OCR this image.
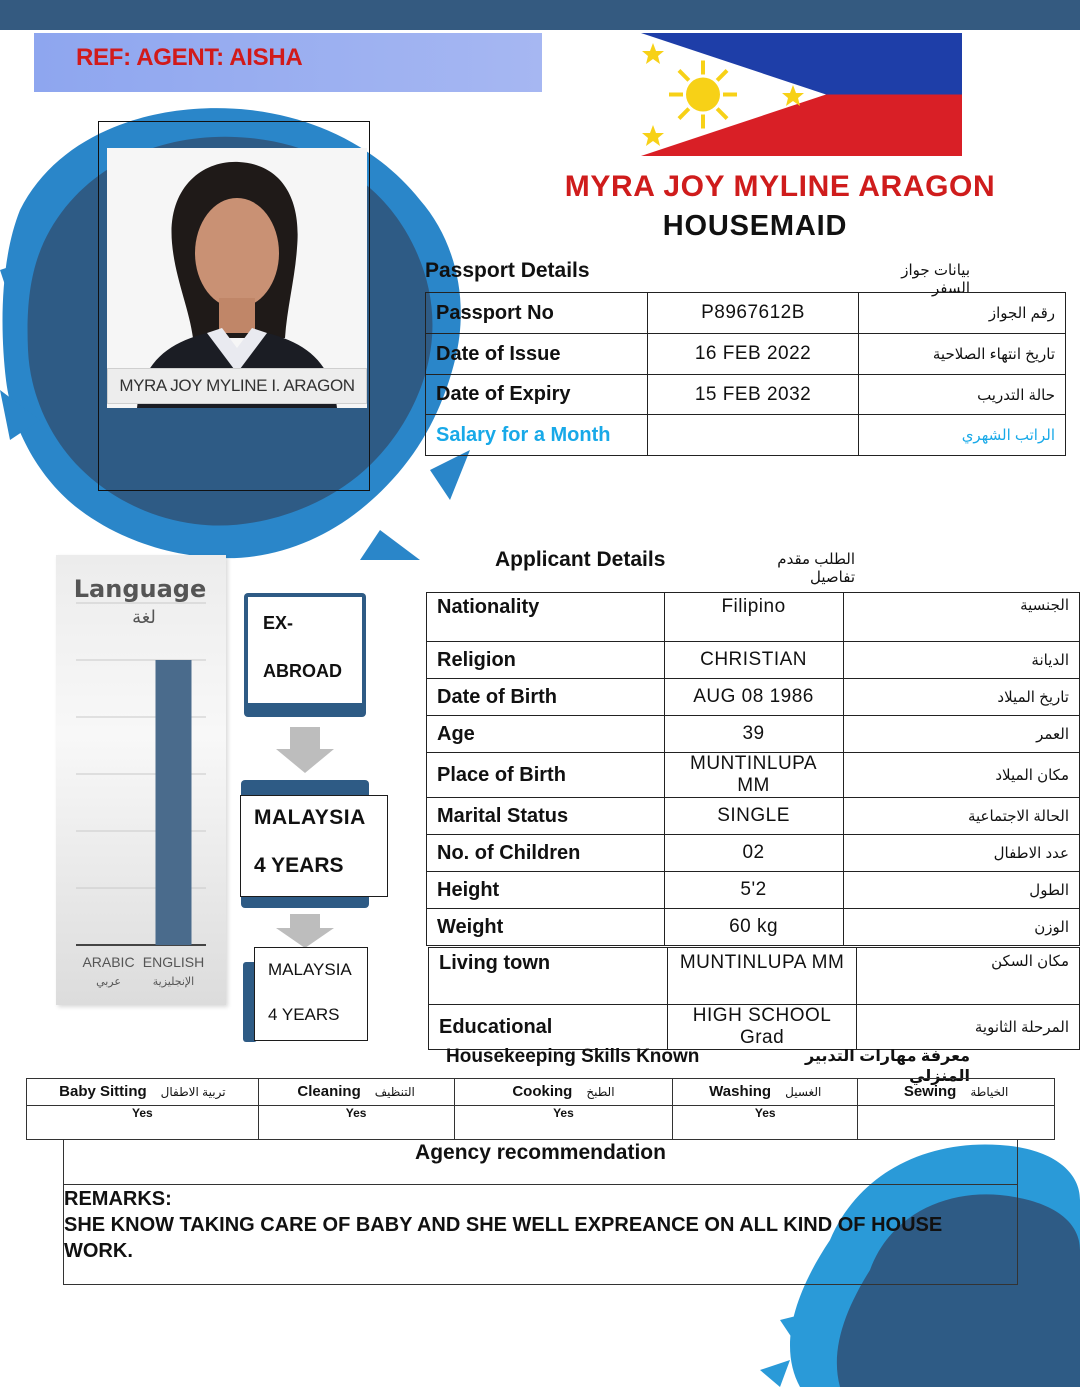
REF: AGENT: AISHA
MYRA JOY MYLINE I. ARAGON
MYRA JOY MYLINE ARAGON
HOUSEMAID
Passport Details	بيانات جواز السفر
Passport No	P8967612B	رقم الجواز
Date of Issue	16 FEB 2022	تاريخ انتهاء الصلاحية
Date of Expiry	15 FEB 2032	حالة التدريب
Salary for a Month		الراتب الشهري
Applicant Details	الطلب مقدم تفاصيل
Nationality	Filipino	الجنسية
Religion	CHRISTIAN	الديانة
Date of Birth	AUG 08 1986	تاريخ الميلاد
Age	39	العمر
Place of Birth	MUNTINLUPA MM	مكان الميلاد
Marital Status	SINGLE	الحالة الاجتماعية
No. of Children	02	عدد الاطفال
Height	5'2	الطول
Weight	60 kg	الوزن
Living town	MUNTINLUPA MM	مكان السكن
Educational	HIGH SCHOOL Grad	المرحلة الثانوية
Language
لغة
ARABIC
عربي
ENGLISH
الإنجليزية
EX-
ABROAD
MALAYSIA
4 YEARS
MALAYSIA
4 YEARS
Housekeeping Skills Known	معرفة مهارات التدبير المنزلي
Baby Sitting تربية الاطفال	Cleaning التنظيف	Cooking الطبخ	Washing الغسيل	Sewing الخياطة
Yes	Yes	Yes	Yes	
Agency recommendation
REMARKS:
SHE KNOW TAKING CARE OF BABY AND SHE WELL EXPREANCE ON ALL KIND OF HOUSE WORK.
